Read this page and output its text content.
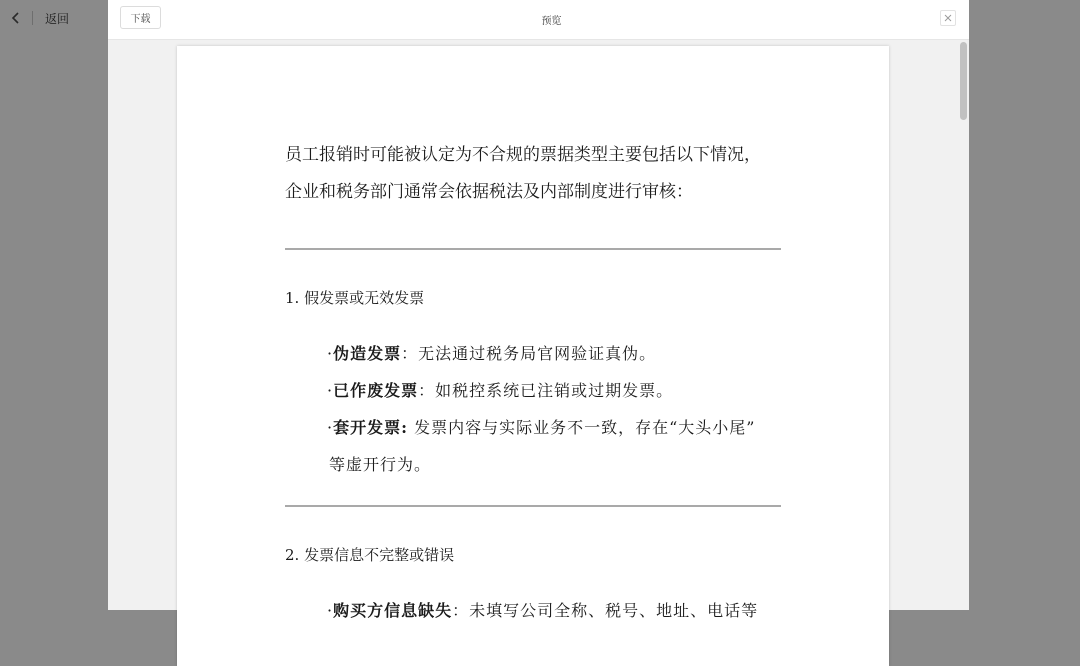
返回	下载	预览
员工报销时可能被认定为不合规的票据类型主要包括以下情况，
企业和税务部门通常会依据税法及内部制度进行审核：
1. 假发票或无效发票
·伪造发票：无法通过税务局官网验证真伪。
·已作废发票：如税控系统已注销或过期发票。
·套开发票: 发票内容与实际业务不一致，存在“大头小尾”
等虚开行为。
2. 发票信息不完整或错误
·购买方信息缺失：未填写公司全称、税号、地址、电话等
